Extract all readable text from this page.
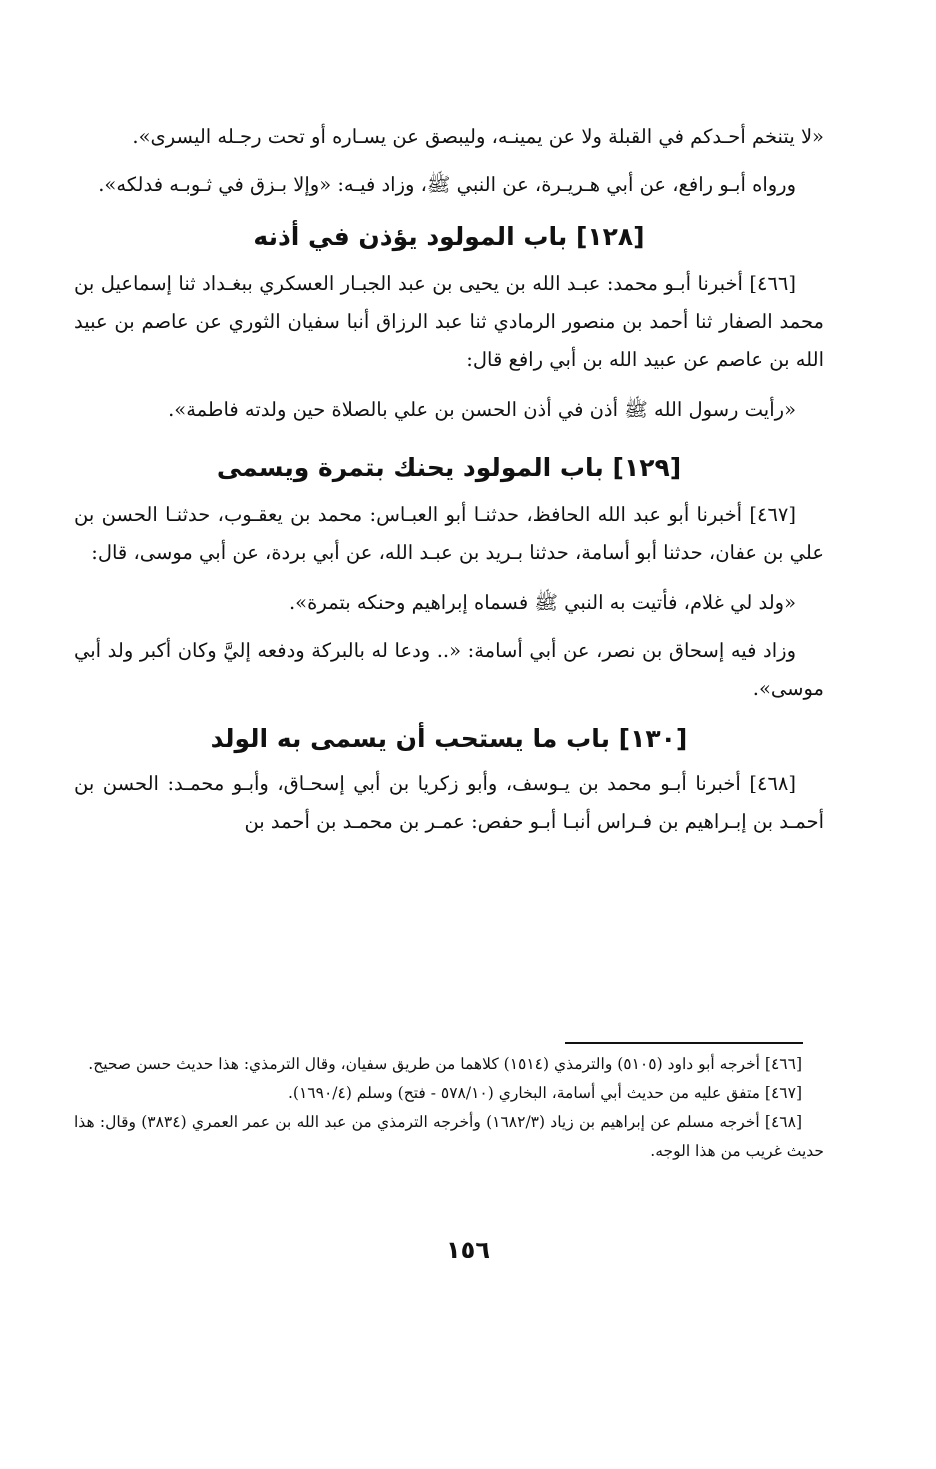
«لا يتنخم أحـدكم في القبلة ولا عن يمينـه، وليبصق عن يسـاره أو تحت رجـله اليسرى».

ورواه أبـو رافع، عن أبي هـريـرة، عن النبي ﷺ، وزاد فيـه: «وإلا بـزق في ثـوبـه فدلكه».

[١٢٨] باب المولود يؤذن في أذنه

[٤٦٦] أخبرنا أبـو محمد: عبـد الله بن يحيى بن عبد الجبـار العسكري ببغـداد ثنا إسماعيل بن محمد الصفار ثنا أحمد بن منصور الرمادي ثنا عبد الرزاق أنبا سفيان الثوري عن عاصم بن عبيد الله بن عاصم عن عبيد الله بن أبي رافع قال:

«رأيت رسول الله ﷺ أذن في أذن الحسن بن علي بالصلاة حين ولدته فاطمة».

[١٢٩] باب المولود يحنك بتمرة ويسمى

[٤٦٧] أخبرنا أبو عبد الله الحافظ، حدثنـا أبو العبـاس: محمد بن يعقـوب، حدثنـا الحسن بن علي بن عفان، حدثنا أبو أسامة، حدثنا بـريد بن عبـد الله، عن أبي بردة، عن أبي موسى، قال:

«ولد لي غلام، فأتيت به النبي ﷺ فسماه إبراهيم وحنكه بتمرة».

وزاد فيه إسحاق بن نصر، عن أبي أسامة: «.. ودعا له بالبركة ودفعه إليَّ وكان أكبر ولد أبي موسى».

[١٣٠] باب ما يستحب أن يسمى به الولد

[٤٦٨] أخبرنا أبـو محمد بن يـوسف، وأبو زكريا بن أبي إسحـاق، وأبـو محمـد: الحسن بن أحمـد بن إبـراهيم بن فـراس أنبـا أبـو حفص: عمـر بن محمـد بن أحمد بن

[٤٦٦] أخرجه أبو داود (٥١٠٥) والترمذي (١٥١٤) كلاهما من طريق سفيان، وقال الترمذي: هذا حديث حسن صحيح.

[٤٦٧] متفق عليه من حديث أبي أسامة، البخاري (٥٧٨/١٠ - فتح) وسلم (١٦٩٠/٤).

[٤٦٨] أخرجه مسلم عن إبراهيم بن زياد (١٦٨٢/٣) وأخرجه الترمذي من عبد الله بن عمر العمري (٣٨٣٤) وقال: هذا حديث غريب من هذا الوجه.

١٥٦
